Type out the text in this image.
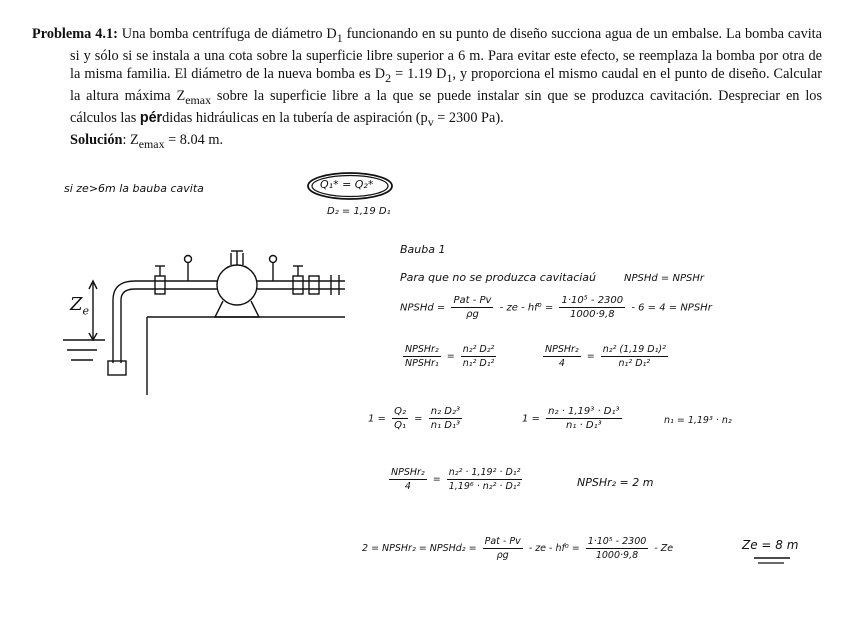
Problema 4.1: Una bomba centrífuga de diámetro $D_1$ funcionando en su punto de diseño succiona agua de un embalse. La bomba cavita si y sólo si se instala a una cota sobre la superficie libre superior a 6 m. Para evitar este efecto, se reemplaza la bomba por otra de la misma familia. El diámetro de la nueva bomba es $D_2 = 1.19$ $D_1$, y proporciona el mismo caudal en el punto de diseño. Calcular la altura máxima $Z_{emax}$ sobre la superficie libre a la que se puede instalar sin que se produzca cavitación. Despreciar en los cálculos las pérdidas hidráulicas en la tubería de aspiración ($p_v = 2300$ Pa).

Solución: $Z_{emax} = 8.04$ m.

si ze>6m la bauba cavita	Q₁* = Q₂*
D₂ = 1,19 D₁
Bauba 1
Para que no se produzca cavitaciaú	NPSHd = NPSHr
NPSHd = $\frac{\text{Pat - Pv}}{\rho g}$ - ze - $hf^0 = \frac{\text{1·10⁵ - 2300}}{1000\cdot 9,8} - 6 = 4$ = NPSHr
$\frac{\text{NPSHr₂}}{\text{NPSHr₁}} = \frac{\text{n₂² D₂²}}{\text{n₁² D₁²}}$	$\frac{\text{NPSHr₂}}{4} = \frac{\text{n₂² (1,19 D₁)²}}{\text{n₁² D₁²}}$
$1 = \frac{\text{Q₂}}{\text{Q₁}} = \frac{\text{n₂ D₂³}}{\text{n₁ D₁³}}$	$1 = \frac{\text{n₂ · 1,19³ · D₁³}}{\text{n₁ · D₁³}}$	n₁ = 1,19³ · n₂
$\frac{\text{NPSHr₂}}{4} = \frac{\text{n₂² · 1,19² · D₁²}}{\text{1,19⁶ · n₂² · D₁²}}$	NPSHr₂ = 2 m
2 = NPSHr₂ = NPSHd₂ = $\frac{\text{Pat - Pv}}{\rho g}$ - ze - $hf^0 = \frac{\text{1·10⁵ - 2300}}{1000\cdot 9,8} - Ze$	Ze = 8 m
$Z_e$
